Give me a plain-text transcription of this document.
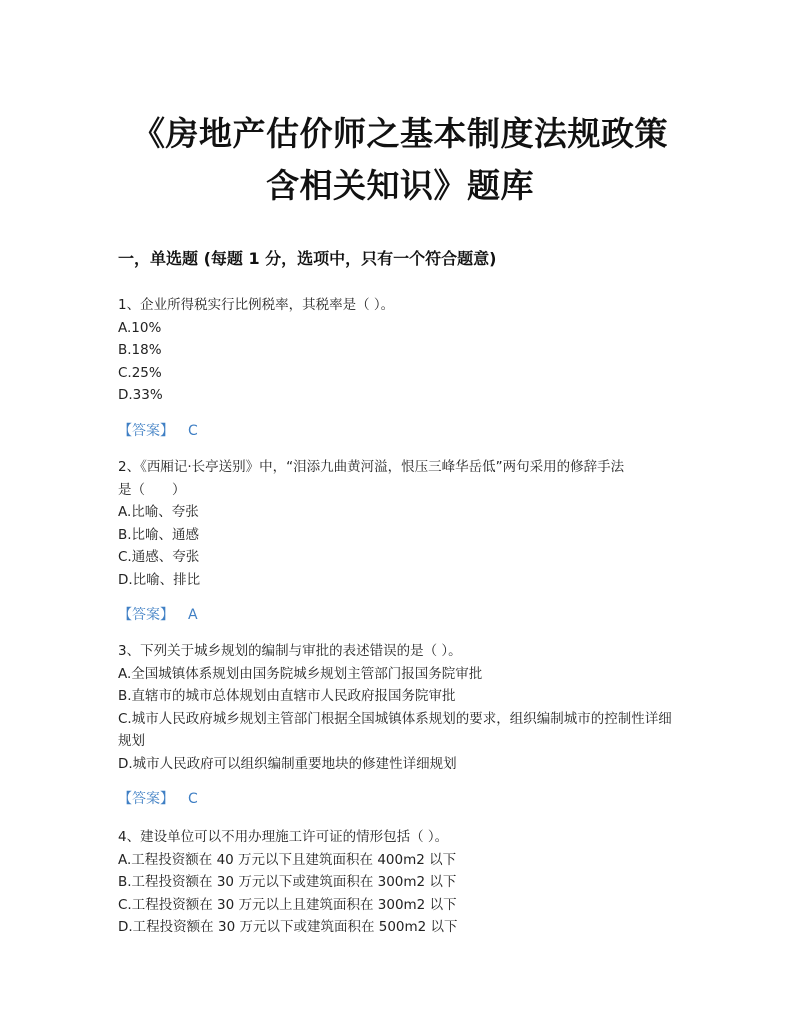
《房地产估价师之基本制度法规政策
含相关知识》题库
一，单选题 (每题 1 分，选项中，只有一个符合题意)
1、企业所得税实行比例税率，其税率是（ ）。
A.10%
B.18%
C.25%
D.33%
【答案】 C
2、《西厢记·长亭送别》中，“泪添九曲黄河溢，恨压三峰华岳低”两句采用的修辞手法
是（　　）
A.比喻、夸张
B.比喻、通感
C.通感、夸张
D.比喻、排比
【答案】 A
3、下列关于城乡规划的编制与审批的表述错误的是（ ）。
A.全国城镇体系规划由国务院城乡规划主管部门报国务院审批
B.直辖市的城市总体规划由直辖市人民政府报国务院审批
C.城市人民政府城乡规划主管部门根据全国城镇体系规划的要求，组织编制城市的控制性详细规划
D.城市人民政府可以组织编制重要地块的修建性详细规划
【答案】 C
4、建设单位可以不用办理施工许可证的情形包括（ ）。
A.工程投资额在 40 万元以下且建筑面积在 400m2 以下
B.工程投资额在 30 万元以下或建筑面积在 300m2 以下
C.工程投资额在 30 万元以上且建筑面积在 300m2 以下
D.工程投资额在 30 万元以下或建筑面积在 500m2 以下
